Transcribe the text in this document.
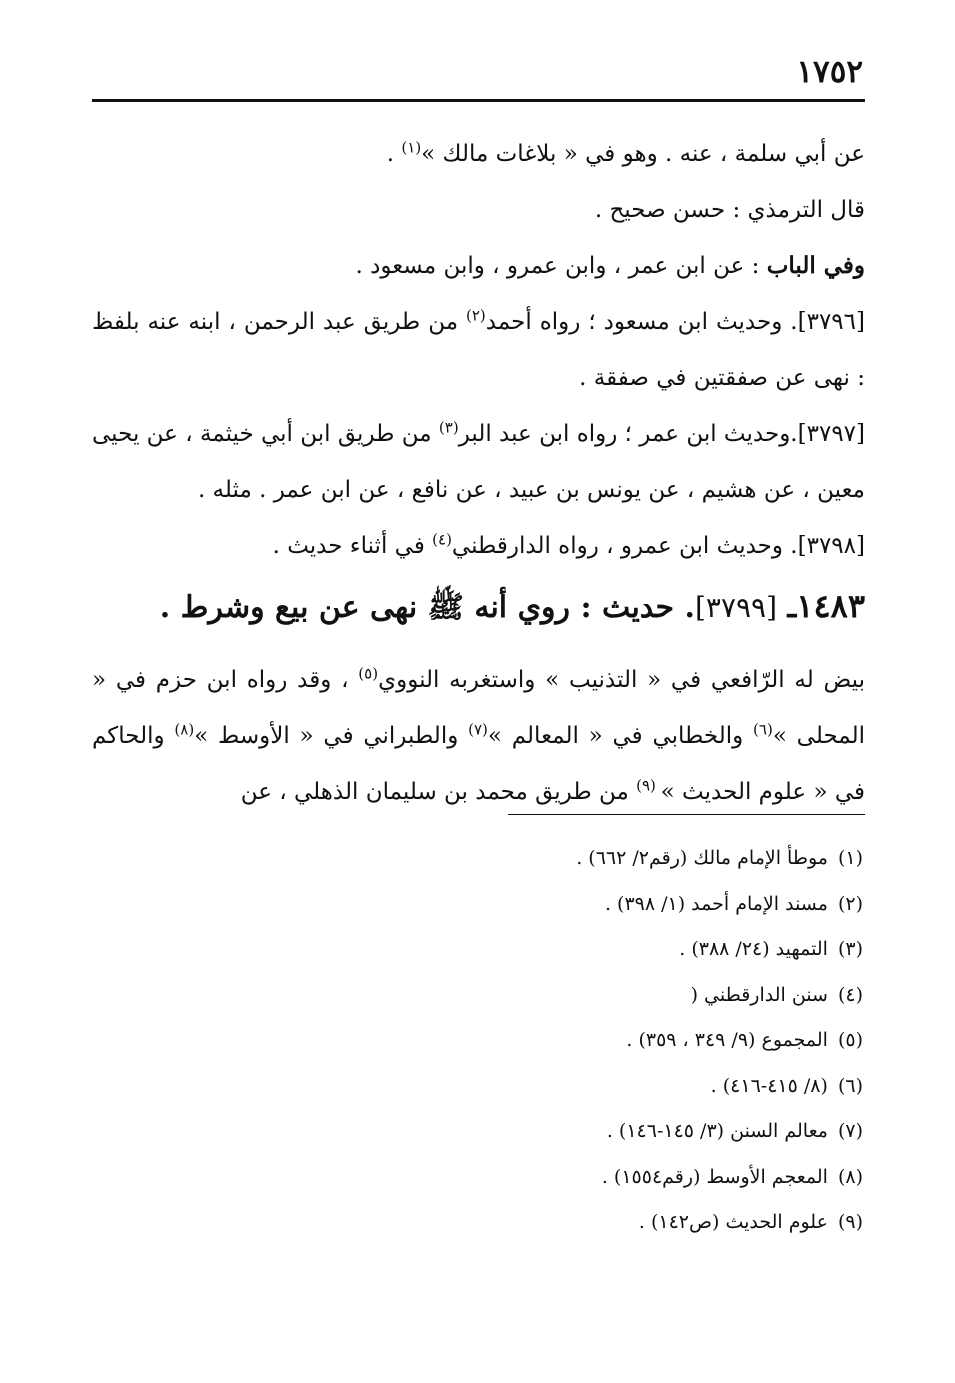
١٧٥٢

عن أبي سلمة ، عنه . وهو في « بلاغات مالك »$^{(١)}$ .

قال الترمذي : حسن صحيح .

وفي الباب : عن ابن عمر ، وابن عمرو ، وابن مسعود .

[٣٧٩٦]. وحديث ابن مسعود ؛ رواه أحمد$^{(٢)}$ من طريق عبد الرحمن ، ابنه عنه بلفظ : نهى عن صفقتين في صفقة .

[٣٧٩٧].وحديث ابن عمر ؛ رواه ابن عبد البر$^{(٣)}$ من طريق ابن أبي خيثمة ، عن يحيى معين ، عن هشيم ، عن يونس بن عبيد ، عن نافع ، عن ابن عمر . مثله .

[٣٧٩٨]. وحديث ابن عمرو ، رواه الدارقطني$^{(٤)}$ في أثناء حديث .

١٤٨٣ـ [٣٧٩٩]. حديث : روي أنه ﷺ نهى عن بيع وشرط .

بيض له الرّافعي في « التذنيب » واستغربه النووي$^{(٥)}$ ، وقد رواه ابن حزم في « المحلى »$^{(٦)}$ والخطابي في « المعالم »$^{(٧)}$ والطبراني في « الأوسط »$^{(٨)}$ والحاكم في « علوم الحديث » $^{(٩)}$ من طريق محمد بن سليمان الذهلي ، عن

(١)موطأ الإمام مالك (رقم٢/ ٦٦٢) .

(٢)مسند الإمام أحمد (١/ ٣٩٨) .

(٣)التمهيد (٢٤/ ٣٨٨) .

(٤)سنن الدارقطني (

(٥)المجموع (٩/ ٣٤٩ ، ٣٥٩) .

(٦)(٨/ ٤١٥-٤١٦) .

(٧)معالم السنن (٣/ ١٤٥-١٤٦) .

(٨)المعجم الأوسط (رقم١٥٥٤) .

(٩)علوم الحديث (ص١٤٢) .
